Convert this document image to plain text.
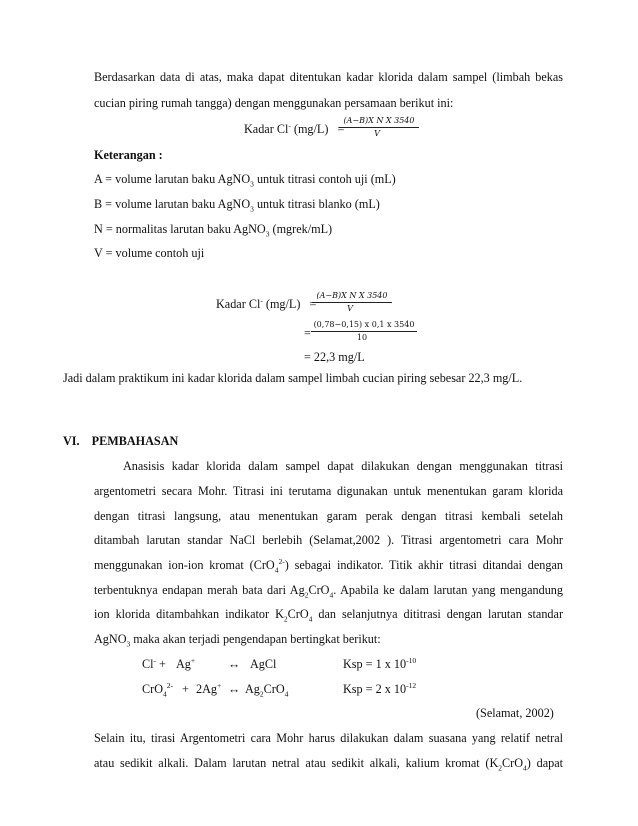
Berdasarkan data di atas, maka dapat ditentukan kadar klorida dalam sampel (limbah bekas
cucian piring rumah tangga) dengan menggunakan persamaan berikut ini:
Kadar Cl- (mg/L) =
(A−B)X N X 3540
V
Keterangan :
A = volume larutan baku AgNO$_3$ untuk titrasi contoh uji (mL)
B = volume larutan baku AgNO$_3$ untuk titrasi blanko (mL)
N = normalitas larutan baku AgNO$_3$ (mgrek/mL)
V = volume contoh uji
Kadar Cl- (mg/L) =
(A−B)X N X 3540
V
=
(0,78−0,15) x 0,1 x 3540
10
= 22,3 mg/L
Jadi dalam praktikum ini kadar klorida dalam sampel limbah cucian piring sebesar 22,3 mg/L.
VI. PEMBAHASAN
Anasisis kadar klorida dalam sampel dapat dilakukan dengan menggunakan titrasi
argentometri secara Mohr. Titrasi ini terutama digunakan untuk menentukan garam klorida
dengan titrasi langsung, atau menentukan garam perak dengan titrasi kembali setelah
ditambah larutan standar NaCl berlebih (Selamat,2002 ). Titrasi argentometri cara Mohr
menggunakan ion-ion kromat (CrO$_4^{2-}$) sebagai indikator. Titik akhir titrasi ditandai dengan
terbentuknya endapan merah bata dari $Ag_2CrO_4$. Apabila ke dalam larutan yang mengandung
ion klorida ditambahkan indikator $K_2CrO_4$ dan selanjutnya dititrasi dengan larutan standar
AgNO$_3$ maka akan terjadi pengendapan bertingkat berikut:
Cl- + Ag+	↔ AgCl	Ksp = 1 x $10^{-10}$
CrO$_4^{2-}$ + 2Ag+ ↔ $Ag_2CrO_4$	Ksp = 2 x $10^{-12}$
(Selamat, 2002)
Selain itu, tirasi Argentometri cara Mohr harus dilakukan dalam suasana yang relatif netral
atau sedikit alkali. Dalam larutan netral atau sedikit alkali, kalium kromat $(K_2CrO_4)$ dapat
